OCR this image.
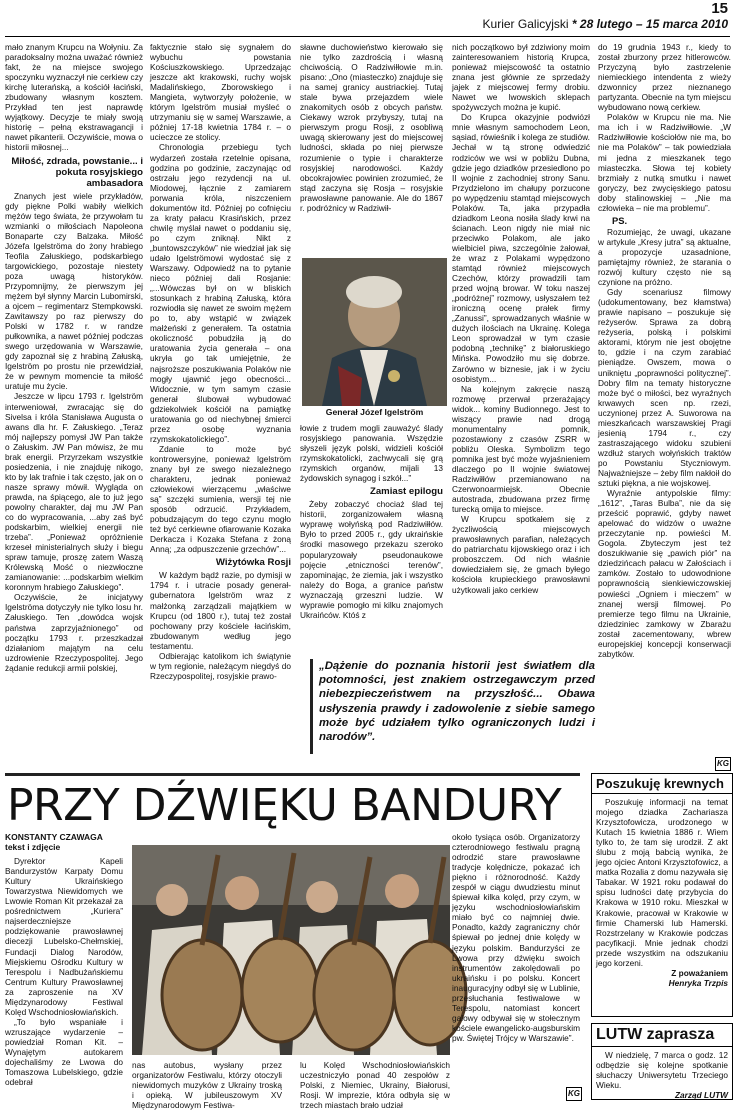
15
Kurier Galicyjski * 28 lutego – 15 marca 2010

mało znanym Krupcu na Wołyniu. Za paradoksalny można uważać również fakt, że na miejsce swojego spoczynku wyznaczył nie cerkiew czy kirchę luterańską, a kościół łaciński, zbudowany własnym kosztem. Przykład ten jest naprawdę wyjątkowy. Decyzje te miały swoją historię – pełną ekstrawagancji i nawet pikanterii. Oczywiście, mowa o historii miłosnej...

Miłość, zdrada, powstanie... i pokuta rosyjskiego ambasadora

Znanych jest wiele przykładów, gdy piękne Polki wabiły wielkich mężów tego świata, że przywołam tu wzmianki o miłościach Napoleona Bonaparte czy Balzaka. Miłość Józefa Igelströma do żony hrabiego Teofila Załuskiego, podskarbiego targowickiego, pozostaje niestety poza uwagą historyków. Przypomnijmy, że pierwszym jej mężem był słynny Marcin Lubomirski, a ojcem – regimentarz Stempkowski. Zawitawszy po raz pierwszy do Polski w 1782 r. w randze pułkownika, a nawet później podczas swego urzędowania w Warszawie, gdy zapoznał się z hrabiną Załuską, Igelström po prostu nie przewidział, że w pewnym momencie ta miłość uratuje mu życie.

Jeszcze w lipcu 1793 r. Igelström interweniował, zwracając się do Sivelsa i króla Stanisława Augusta o awans dla hr. F. Załuskiego. „Teraz mój najlepszy pomysł JW Pan także o Załuskim. JW Pan mówisz, że mu brak energii. Przyrzekam wszystkie posiedzenia, i nie znajduję nikogo, kto by lak trafnie i tak często, jak on o nasze sprawy mówił. Wygląda on prawda, na śpiącego, ale to już jego powolny charakter, daj mu JW Pan co do wypracowania, ...aby zaś być podskarbim, wielkiej energii nie trzeba”. „Ponieważ opróżnienie krzeseł ministerialnych służy i biegu spraw tamuje, proszę zatem Waszą Królewską Mość o niezwłoczne zamianowanie: ...podskarbim wielkim koronnym hrabiego Załuskiego”.

Oczywiście, że inicjatywy Igelströma dotyczyły nie tylko losu hr. Załuskiego. Ten „dowódca wojsk państwa zaprzyjaźnionego” od początku 1793 r. przeszkadzał działaniom majątym na celu uzdrowienie Rzeczypospolitej. Jego żądanie redukcji armii polskiej,

faktycznie stało się sygnałem do wybuchu powstania Kościuszkowskiego. Uprzedzając jeszcze akt krakowski, ruchy wojsk Madalińskiego, Zborowskiego i Mangieta, wytworzyły położenie, w którym Igelström musiał myśleć o utrzymaniu się w samej Warszawie, a później 17-18 kwietnia 1784 r. – o ucieczce ze stolicy.

Chronologia przebiegu tych wydarzeń została rzetelnie opisana, godzina po godzinie, zaczynając od ostrzału jego rezydencji na ul. Miodowej, łącznie z zamiarem porwania króla, niszczeniem dokumentów itd. Później po cofnięciu za kraty pałacu Krasińskich, przez chwilę myślał nawet o poddaniu się, po czym zniknął. Nikt z „buntowszczyków” nie wiedział jak się udało Igelströmowi wydostać się z Warszawy. Odpowiedź na to pytanie nieco później dali Rosjanie: „...Wówczas był on w bliskich stosunkach z hrabiną Załuską, która rozwiodła się nawet ze swoim mężem po to, aby wstąpić w związek małżeński z generałem. Ta ostatnia okoliczność pobudziła ją do uratowania życia generała – ona ukryła go tak umiejętnie, że najsroższe poszukiwania Polaków nie mogły ujawnić jego obecności... Widocznie, w tym samym czasie generał ślubował wybudować gdziekolwiek kościół na pamiątkę uratowania go od niechybnej śmierci przez osobę wyznania rzymskokatolickiego”.

Zdanie to może być kontrowersyjne, ponieważ Igelström znany był ze swego niezależnego charakteru, jednak ponieważ człowiekowi wierzącemu „właściwe są” szczęki sumienia, wersji tej nie sposób odrzucić. Przykładem, pobudzającym do tego czynu mogło też być cerkiewne ofiarowanie Kozaka Derkacza i Kozaka Stefana z żoną Anną; „za odpuszczenie grzechów”...

Wiżytówka Rosji

W każdym bądź razie, po dymisji w 1794 r. i utracie posady generał-gubernatora Igelström wraz z małżonką zarządzali majątkiem w Krupcu (od 1800 r.), tutaj też został pochowany przy kościele łacińskim, zbudowanym według jego testamentu.

Odbierając katolikom ich świątynie w tym regionie, należącym niegdyś do Rzeczypospolitej, rosyjskie prawo-

sławne duchowieństwo kierowało się nie tylko zazdrością i własną chciwością. O Radziwiłłowie m.in. pisano: „Ono (miasteczko) znajduje się na samej granicy austriackiej. Tutaj stale bywa przejazdem wiele znakomitych osób z obcych państw. Ciekawy wzrok przybyszy, tutaj na pierwszym progu Rosji, z osobliwą uwagą skierowany jest do miejscowej ludności, składa po niej pierwsze rozumienie o typie i charakterze rosyjskiej narodowości. Każdy obcokrajowiec powinien zrozumieć, że stąd zaczyna się Rosja – rosyjskie prawosławne panowanie. Ale do 1867 r. podróżnicy w Radziwił-

Generał Józef Igelström

łowie z trudem mogli zauważyć ślady rosyjskiego panowania. Wszędzie słyszeli język polski, widzieli kościół rzymskokatolicki, zachwycali się grą rzymskich organów, mijali 13 żydowskich synagog i szkół...”

Zamiast epilogu

Żeby zobaczyć chociaż ślad tej historii, zorganizowałem własną wyprawę wołyńską pod Radziwiłłów. Było to przed 2005 r., gdy ukraińskie środki masowego przekazu szeroko popularyzowały pseudonaukowe pojęcie „etniczności terenów”, zapominając, że ziemia, jak i wszystko należy do Boga, a granice państw wyznaczają grzeszni ludzie. W wyprawie pomogło mi kilku znajomych Ukraińców. Któś z

nich początkowo był zdziwiony moim zainteresowaniem historią Krupca, ponieważ miejscowość ta ostatnio znana jest głównie ze sprzedaży jajek z miejscowej fermy drobiu. Nawet we lwowskich sklepach spożywczych można je kupić.

Do Krupca okazyjnie podwiózł mnie własnym samochodem Leon, sąsiad, rówieśnik i kolega ze studiów. Jechał w tą stronę odwiedzić rodziców we wsi w pobliżu Dubna, gdzie jego dziadków przesiedlono po II wojnie z zachodniej strony Sanu. Przydzielono im chałupy porzucone po wypędzeniu stamtąd miejscowych Polaków. Ta, jaka przypadła dziadkom Leona nosiła ślady krwi na ścianach. Leon nigdy nie miał nic przeciwko Polakom, ale jako wielbiciel piwa, szczególnie żałował, że wraz z Polakami wypędzono stamtąd również miejscowych Czechów, którzy prowadzili tam przed wojną browar. W toku naszej „podróżnej” rozmowy, usłyszałem też ironiczną ocenę prałek firmy „Zanussi”, sprowadzanych właśnie w dużych ilościach na Ukrainę. Kolega Leon sprowadzał w tym czasie podobną „technikę” z białoruskiego Mińska. Powodziło mu się dobrze. Zarówno w biznesie, jak i w życiu osobistym...

Na kolejnym zakręcie naszą rozmowę przerwał przerażający widok... kominy Budionnego. Jest to wiszący prawie nad drogą monumentalny pomnik, pozostawiony z czasów ZSRR w pobliżu Oleska. Symbolizm tego pomnika jest być może wyjaśnieniem dlaczego po II wojnie światowej Radziwiłłów przemianowano na Czerwonoarmiejsk. Obecnie autostrada, zbudowana przez firmę turecką omija to miejsce.

W Krupcu spotkałem się z życzliwością miejscowych prawosławnych parafian, należących do patriarchatu kijowskiego oraz i ich proboszczem. Od nich właśnie dowiedziałem się, że gmach byłego kościoła krupieckiego prawosławni użytkowali jako cerkiew

„Dążenie do poznania historii jest światłem dla potomności, jest znakiem ostrzegawczym przed niebezpieczeństwem na przyszłość... Obawa usłyszenia prawdy i zadowolenie z siebie samego może być udziałem tylko ograniczonych ludzi i narodów”.

do 19 grudnia 1943 r., kiedy to został zburzony przez hitlerowców. Przyczyną było zastrzelenie niemieckiego intendenta z wieży dzwonnicy przez nieznanego partyzanta. Obecnie na tym miejscu wybudowano nową cerkiew.

Polaków w Krupcu nie ma. Nie ma ich i w Radziwiłłowie. „W Radziwiłłowie kościołów nie ma, bo nie ma Polaków” – tak powiedziała mi jedna z mieszkanek tego miasteczka. Słowa tej kobiety brzmiały z nutką smutku i nawet goryczy, bez zwycięskiego patosu doby stalinowskiej – „Nie ma człowieka – nie ma problemu”.

PS.

Rozumiejąc, że uwagi, ukazane w artykule „Kresy jutra” są aktualne, a propozycje uzasadnione, pamiętajmy również, że starania o rozwój kultury często nie są czynione na próżno.

Gdy scenariusz filmowy (udokumentowany, bez kłamstwa) prawie napisano – poszukuje się reżyserów. Sprawa za dobrą reżyseria, polską i polskimi aktorami, którym nie jest obojętne to, gdzie i na czym zarabiać pieniądze. Owszem, mowa o unikniętu „poprawności politycznej”. Dobry film na tematy historyczne może być o miłości, bez wyraźnych krwawych scen np. rzezi, uczynionej przez A. Suworowa na mieszkańcach warszawskiej Pragi jesienią 1794 r., czy zastraszającego widoku szubieni wzdłuż starych wołyńskich traktów po Powstaniu Styczniowym. Najważniejsze – żeby film nakłoił do sztuki piękna, a nie wojskowej.

Wyraźnie antypolskie filmy: „1612”, „Taras Bulba”, nie da się prześcić poprawić, gdyby nawet apelować do widzów o uważne przeczytanie np. powieści M. Gogola. Zbyteczym jest też doszukiwanie się „pawich piór” na dziedzińcach pałacu w Załościach i zamków. Zostało to udowodnione poprawnością sienkiewiczowskiej powieści „Ogniem i mieczem” w znanej wersji filmowej. Po premierze tego filmu na Ukrainie, dziedziniec zamkowy w Zbarażu został zacementowany, wbrew europejskiej koncepcji konserwacji zabytków.

KG
PRZY DŹWIĘKU BANDURY

KONSTANTY CZAWAGA

tekst i zdjęcie

Dyrektor Kapeli Bandurzystów Karpaty Domu Kultury Ukraińskiego Towarzystwa Niewidomych we Lwowie Roman Kit przekazał za pośrednictwem „Kuriera” najserdeczniejsze podziękowanie prawosławnej diecezji Lubelsko-Chełmskiej, Fundacji Dialog Narodów, Miejskiemu Ośrodku Kultury w Terespolu i Nadbużańskiemu Centrum Kultury Prawosławnej za zaproszenie na XV Międzynarodowy Festiwal Kolęd Wschodniosłowiańskich.

„To było wspaniałe i wzruszające wydarzenie – powiedział Roman Kit. – Wynajętym autokarem dojechaliśmy ze Lwowa do Tomaszowa Lubelskiego, gdzie odebrał

nas autobus, wysłany przez organizatorów Festiwalu, którzy otoczyli niewidomych muzyków z Ukrainy troską i opieką. W jubileuszowym XV Międzynarodowym Festiwa-

lu Kolęd Wschodniosłowiańskich uczestniczyło ponad 40 zespołów z Polski, z Niemiec, Ukrainy, Białorusi, Rosji. W imprezie, która odbyła się w trzech miastach brało udział

około tysiąca osób. Organizatorzy czterodniowego festiwalu pragną odrodzić stare prawosławne tradycje kolędnicze, pokazać ich piękno i różnorodność. Każdy zespół w ciągu dwudziestu minut śpiewał kilka kolęd, przy czym, w języku wschodniosłowiańskim miało być co najmniej dwie. Ponadto, każdy zagraniczny chór śpiewał po jednej dnie kolędy w języku polskim. Bandurzyści ze Lwowa przy dźwięku swoich instrumentów zakolędowali po ukraińsku i po polsku. Koncert inauguracyjny odbył się w Lublinie, przesłuchania festiwalowe w Terespolu, natomiast koncert galowy odbywał się w stołecznym kościele ewangelicko-augsburskim pw. Świętej Trójcy w Warszawie”.

KG
Poszukuję krewnych

Poszukuję informacji na temat mojego dziadka Zachariasza Krzysztofowicza, urodzonego w Kutach 15 kwietnia 1886 r. Wiem tylko to, że tam się urodził. Z akt ślubu z moją babcią wynika, że jego ojciec Antoni Krzysztofowicz, a matka Rozalia z domu nazywała się Tabakar. W 1921 roku podawał do spisu ludności datę przybycia do Krakowa w 1910 roku. Mieszkał w Krakowie, pracował w Krakowie w firmie Chamerski lub Hamerski. Rozstrzelany w Krakowie podczas pacyfikacji. Mnie jednak chodzi przede wszystkim na odszukaniu jego korzeni.

Z poważaniem

Henryka Trzpis

LUTW zaprasza

W niedzielę, 7 marca o godz. 12 odbędzie się kolejne spotkanie słuchaczy Uniwersytetu Trzeciego Wieku.

Zarząd LUTW
